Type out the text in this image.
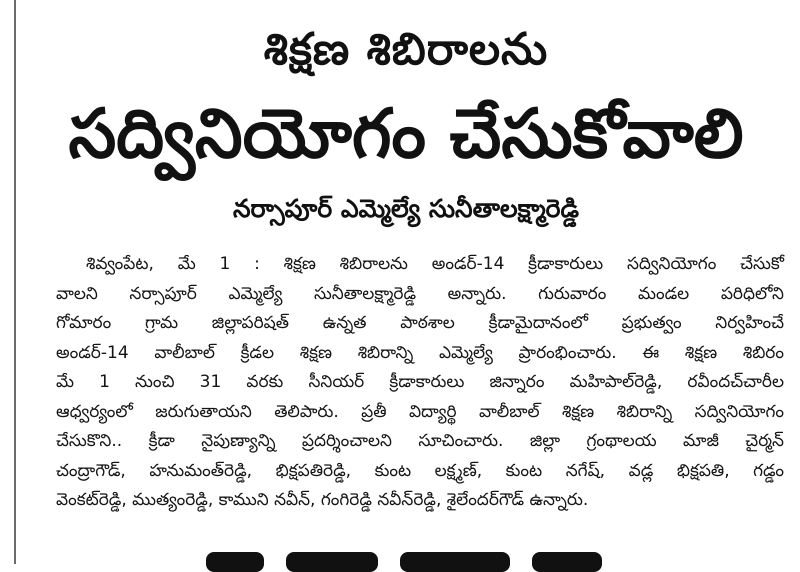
శిక్షణ శిబిరాలను
సద్వినియోగం చేసుకోవాలి
నర్సాపూర్ ఎమ్మెల్యే సునీతాలక్ష్మారెడ్డి
శివ్వంపేట, మే 1 : శిక్షణ శిబిరాలను అండర్-14 క్రీడాకారులు సద్వినియోగం చేసుకో
వాలని నర్సాపూర్ ఎమ్మెల్యే సునీతాలక్ష్మారెడ్డి అన్నారు. గురువారం మండల పరిధిలోని
గోమారం గ్రామ జిల్లాపరిషత్ ఉన్నత పాఠశాల క్రీడామైదానంలో ప్రభుత్వం నిర్వహించే
అండర్-14 వాలీబాల్ క్రీడల శిక్షణ శిబిరాన్ని ఎమ్మెల్యే ప్రారంభించారు. ఈ శిక్షణ శిబిరం
మే 1 నుంచి 31 వరకు సీనియర్ క్రీడాకారులు జిన్నారం మహిపాల్‌రెడ్డి, రవీందచ్‌చారీల
ఆధ్వర్యంలో జరుగుతాయని తెలిపారు. ప్రతీ విద్యార్థి వాలీబాల్ శిక్షణ శిబిరాన్ని సద్వినియోగం
చేసుకొని.. క్రీడా నైపుణ్యాన్ని ప్రదర్శించాలని సూచించారు. జిల్లా గ్రంథాలయ మాజీ చైర్మన్
చంద్రాగౌడ్, హనుమంత్‌రెడ్డి, భిక్షపతిరెడ్డి, కుంట లక్ష్మణ్, కుంట నగేష్, వడ్ల భిక్షపతి, గడ్డం
వెంకట్‌రెడ్డి, ముత్యంరెడ్డి, కాముని నవీన్, గంగిరెడ్డి నవీన్‌రెడ్డి, శైలేందర్‌గౌడ్ ఉన్నారు.
